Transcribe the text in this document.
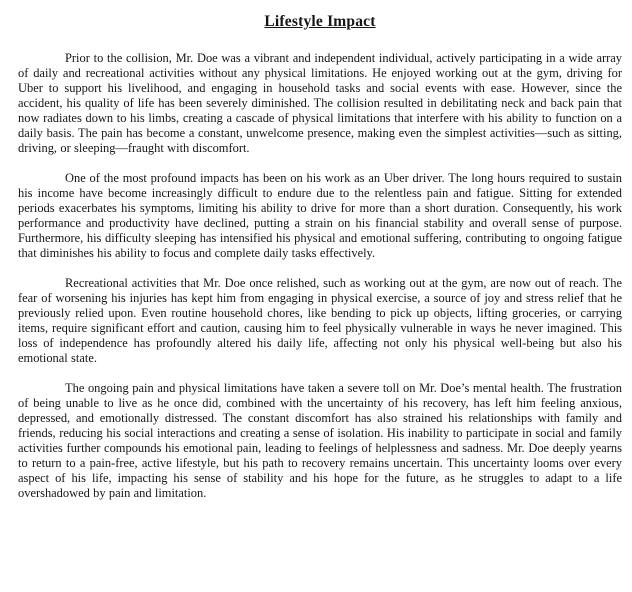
Lifestyle Impact

Prior to the collision, Mr. Doe was a vibrant and independent individual, actively participating in a wide array of daily and recreational activities without any physical limitations. He enjoyed working out at the gym, driving for Uber to support his livelihood, and engaging in household tasks and social events with ease. However, since the accident, his quality of life has been severely diminished. The collision resulted in debilitating neck and back pain that now radiates down to his limbs, creating a cascade of physical limitations that interfere with his ability to function on a daily basis. The pain has become a constant, unwelcome presence, making even the simplest activities—such as sitting, driving, or sleeping—fraught with discomfort.

One of the most profound impacts has been on his work as an Uber driver. The long hours required to sustain his income have become increasingly difficult to endure due to the relentless pain and fatigue. Sitting for extended periods exacerbates his symptoms, limiting his ability to drive for more than a short duration. Consequently, his work performance and productivity have declined, putting a strain on his financial stability and overall sense of purpose. Furthermore, his difficulty sleeping has intensified his physical and emotional suffering, contributing to ongoing fatigue that diminishes his ability to focus and complete daily tasks effectively.

Recreational activities that Mr. Doe once relished, such as working out at the gym, are now out of reach. The fear of worsening his injuries has kept him from engaging in physical exercise, a source of joy and stress relief that he previously relied upon. Even routine household chores, like bending to pick up objects, lifting groceries, or carrying items, require significant effort and caution, causing him to feel physically vulnerable in ways he never imagined. This loss of independence has profoundly altered his daily life, affecting not only his physical well-being but also his emotional state.

The ongoing pain and physical limitations have taken a severe toll on Mr. Doe’s mental health. The frustration of being unable to live as he once did, combined with the uncertainty of his recovery, has left him feeling anxious, depressed, and emotionally distressed. The constant discomfort has also strained his relationships with family and friends, reducing his social interactions and creating a sense of isolation. His inability to participate in social and family activities further compounds his emotional pain, leading to feelings of helplessness and sadness. Mr. Doe deeply yearns to return to a pain-free, active lifestyle, but his path to recovery remains uncertain. This uncertainty looms over every aspect of his life, impacting his sense of stability and his hope for the future, as he struggles to adapt to a life overshadowed by pain and limitation.
